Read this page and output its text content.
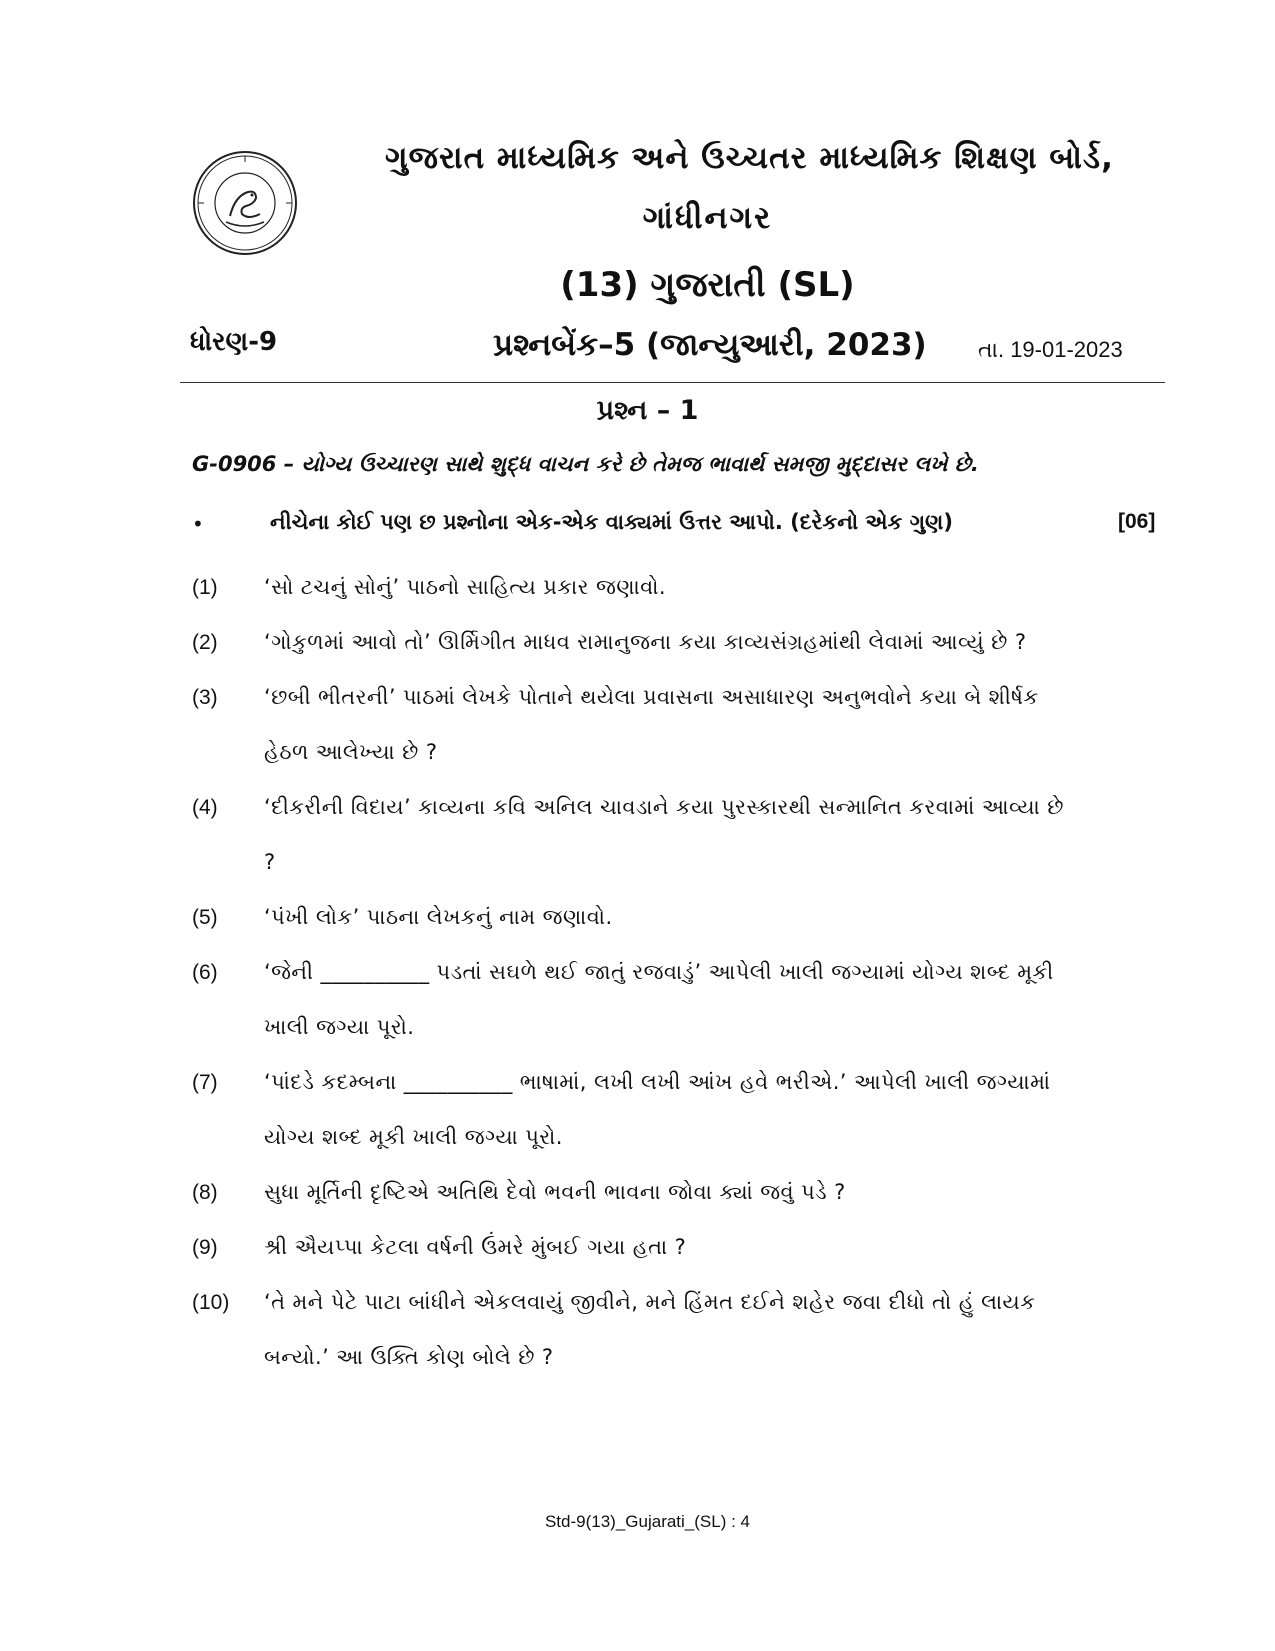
ગુજરાત માધ્યમિક અને ઉચ્ચતર માધ્યમિક શિક્ષણ બોર્ડ,
ગાંધીનગર
(13) ગુજરાતી (SL)
ધોરણ-9	પ્રશ્નબેંક–5 (જાન્યુઆરી, 2023) તા. 19-01-2023
પ્રશ્ન – 1
G-0906 – યોગ્ય ઉચ્ચારણ સાથે શુદ્ધ વાચન કરે છે તેમજ ભાવાર્થ સમજી મુદ્દાસર લખે છે.
•	નીચેના કોઈ પણ છ પ્રશ્નોના એક-એક વાક્યમાં ઉત્તર આપો. (દરેકનો એક ગુણ)	[06]
(1)	‘સો ટચનું સોનું’ પાઠનો સાહિત્ય પ્રકાર જણાવો.
(2)	‘ગોકુળમાં આવો તો’ ઊર્મિગીત માધવ રામાનુજના કયા કાવ્યસંગ્રહમાંથી લેવામાં આવ્યું છે ?
(3)	‘છબી ભીતરની’ પાઠમાં લેખકે પોતાને થયેલા પ્રવાસના અસાધારણ અનુભવોને કયા બે શીર્ષક હેઠળ આલેખ્યા છે ?
(4)	‘દીકરીની વિદાય’ કાવ્યના કવિ અનિલ ચાવડાને કયા પુરસ્કારથી સન્માનિત કરવામાં આવ્યા છે ?
(5)	‘પંખી લોક’ પાઠના લેખકનું નામ જણાવો.
(6)	‘જેની __________ પડતાં સઘળે થઈ જાતું રજવાડું’ આપેલી ખાલી જગ્યામાં યોગ્ય શબ્દ મૂકી ખાલી જગ્યા પૂરો.
(7)	‘પાંદડે કદમ્બના __________ ભાષામાં, લખી લખી આંખ હવે ભરીએ.’ આપેલી ખાલી જગ્યામાં યોગ્ય શબ્દ મૂકી ખાલી જગ્યા પૂરો.
(8)	સુધા મૂર્તિની દૃષ્ટિએ અતિથિ દેવો ભવની ભાવના જોવા ક્યાં જવું પડે ?
(9)	શ્રી ઐયપ્પા કેટલા વર્ષની ઉંમરે મુંબઈ ગયા હતા ?
(10)	‘તે મને પેટે પાટા બાંધીને એકલવાયું જીવીને, મને હિંમત દઈને શહેર જવા દીધો તો હું લાયક બન્યો.’ આ ઉક્તિ કોણ બોલે છે ?
Std-9(13)_Gujarati_(SL) : 4
